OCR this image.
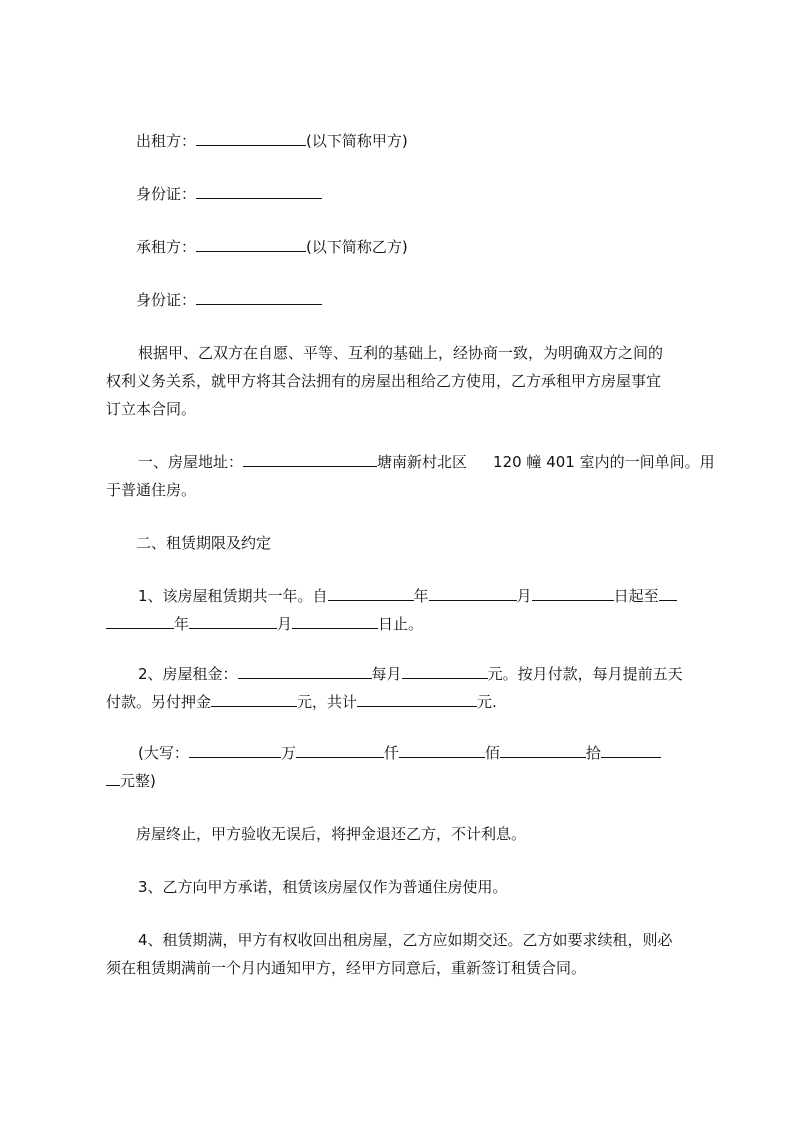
出租方：	(以下简称甲方)
身份证：
承租方：	(以下简称乙方)
身份证：
根据甲、乙双方在自愿、平等、互利的基础上，经协商一致，为明确双方之间的
权利义务关系，就甲方将其合法拥有的房屋出租给乙方使用，乙方承租甲方房屋事宜
订立本合同。
一、房屋地址：	塘南新村北区 120 幢 401 室内的一间单间。用
于普通住房。
二、租赁期限及约定
1、该房屋租赁期共一年。自	年	月	日起至
年	月	日止。
2、房屋租金：	每月	元。按月付款，每月提前五天
付款。另付押金	元，共计	元.
(大写：	万	仟	佰	拾
元整)
房屋终止，甲方验收无误后，将押金退还乙方，不计利息。
3、乙方向甲方承诺，租赁该房屋仅作为普通住房使用。
4、租赁期满，甲方有权收回出租房屋，乙方应如期交还。乙方如要求续租，则必
须在租赁期满前一个月内通知甲方，经甲方同意后，重新签订租赁合同。
